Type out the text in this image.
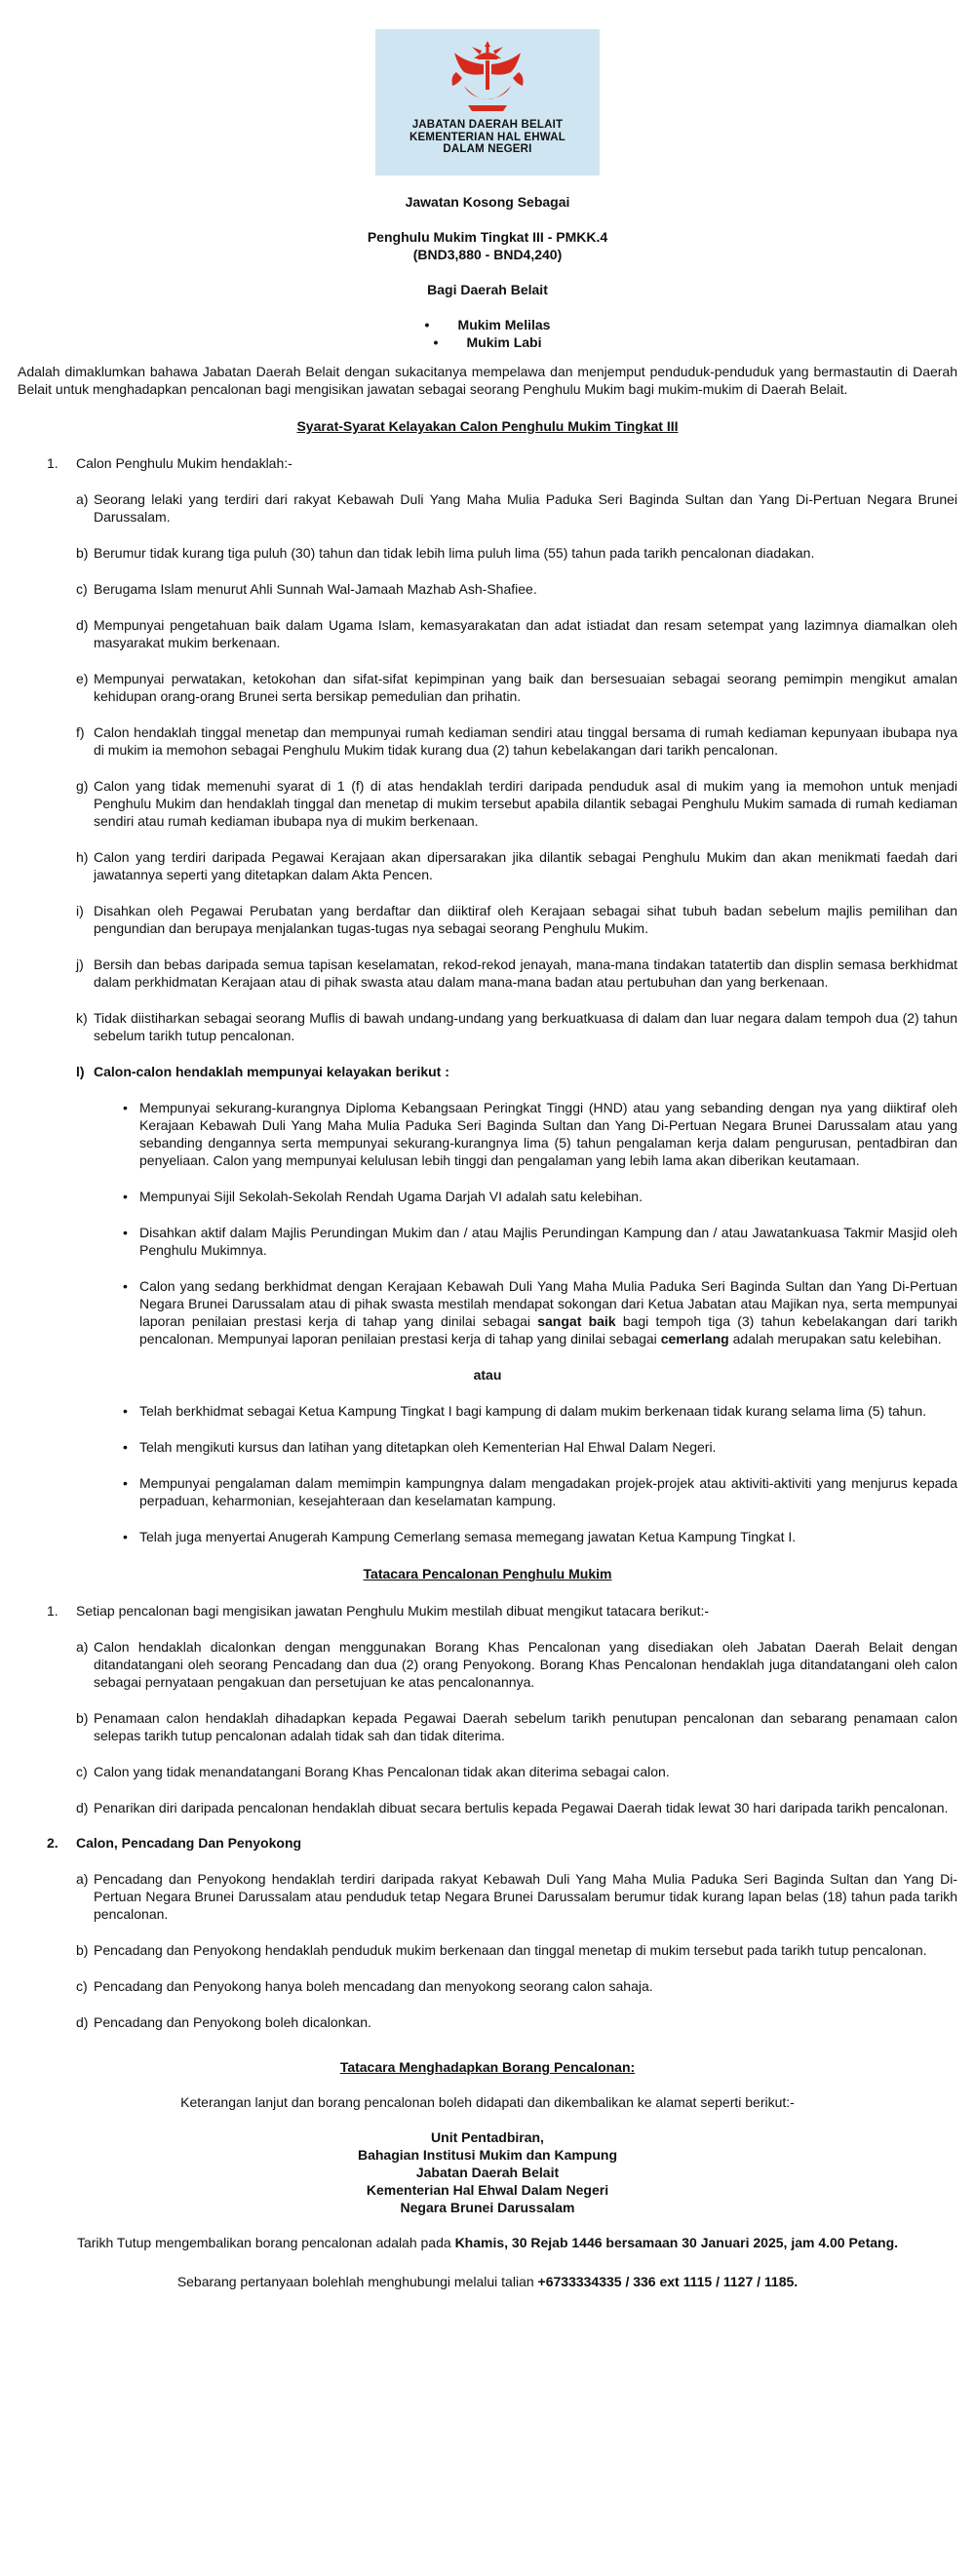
JABATAN DAERAH BELAIT
KEMENTERIAN HAL EHWAL
DALAM NEGERI
Jawatan Kosong Sebagai
Penghulu Mukim Tingkat III - PMKK.4
(BND3,880 - BND4,240)
Bagi Daerah Belait
• Mukim Melilas
• Mukim Labi

Adalah dimaklumkan bahawa Jabatan Daerah Belait dengan sukacitanya mempelawa dan menjemput penduduk-penduduk yang bermastautin di Daerah Belait untuk menghadapkan pencalonan bagi mengisikan jawatan sebagai seorang Penghulu Mukim bagi mukim-mukim di Daerah Belait.

Syarat-Syarat Kelayakan Calon Penghulu Mukim Tingkat III
1.	Calon Penghulu Mukim hendaklah:-
a) Seorang lelaki yang terdiri dari rakyat Kebawah Duli Yang Maha Mulia Paduka Seri Baginda Sultan dan Yang Di-Pertuan Negara Brunei Darussalam.
b) Berumur tidak kurang tiga puluh (30) tahun dan tidak lebih lima puluh lima (55) tahun pada tarikh pencalonan diadakan.
c) Berugama Islam menurut Ahli Sunnah Wal-Jamaah Mazhab Ash-Shafiee.
d) Mempunyai pengetahuan baik dalam Ugama Islam, kemasyarakatan dan adat istiadat dan resam setempat yang lazimnya diamalkan oleh masyarakat mukim berkenaan.
e) Mempunyai perwatakan, ketokohan dan sifat-sifat kepimpinan yang baik dan bersesuaian sebagai seorang pemimpin mengikut amalan kehidupan orang-orang Brunei serta bersikap pemedulian dan prihatin.
f) Calon hendaklah tinggal menetap dan mempunyai rumah kediaman sendiri atau tinggal bersama di rumah kediaman kepunyaan ibubapa nya di mukim ia memohon sebagai Penghulu Mukim tidak kurang dua (2) tahun kebelakangan dari tarikh pencalonan.
g) Calon yang tidak memenuhi syarat di 1 (f) di atas hendaklah terdiri daripada penduduk asal di mukim yang ia memohon untuk menjadi Penghulu Mukim dan hendaklah tinggal dan menetap di mukim tersebut apabila dilantik sebagai Penghulu Mukim samada di rumah kediaman sendiri atau rumah kediaman ibubapa nya di mukim berkenaan.
h) Calon yang terdiri daripada Pegawai Kerajaan akan dipersarakan jika dilantik sebagai Penghulu Mukim dan akan menikmati faedah dari jawatannya seperti yang ditetapkan dalam Akta Pencen.
i) Disahkan oleh Pegawai Perubatan yang berdaftar dan diiktiraf oleh Kerajaan sebagai sihat tubuh badan sebelum majlis pemilihan dan pengundian dan berupaya menjalankan tugas-tugas nya sebagai seorang Penghulu Mukim.
j) Bersih dan bebas daripada semua tapisan keselamatan, rekod-rekod jenayah, mana-mana tindakan tatatertib dan displin semasa berkhidmat dalam perkhidmatan Kerajaan atau di pihak swasta atau dalam mana-mana badan atau pertubuhan dan yang berkenaan.
k) Tidak diistiharkan sebagai seorang Muflis di bawah undang-undang yang berkuatkuasa di dalam dan luar negara dalam tempoh dua (2) tahun sebelum tarikh tutup pencalonan.
l) Calon-calon hendaklah mempunyai kelayakan berikut :
• Mempunyai sekurang-kurangnya Diploma Kebangsaan Peringkat Tinggi (HND) atau yang sebanding dengan nya yang diiktiraf oleh Kerajaan Kebawah Duli Yang Maha Mulia Paduka Seri Baginda Sultan dan Yang Di-Pertuan Negara Brunei Darussalam atau yang sebanding dengannya serta mempunyai sekurang-kurangnya lima (5) tahun pengalaman kerja dalam pengurusan, pentadbiran dan penyeliaan. Calon yang mempunyai kelulusan lebih tinggi dan pengalaman yang lebih lama akan diberikan keutamaan.
• Mempunyai Sijil Sekolah-Sekolah Rendah Ugama Darjah VI adalah satu kelebihan.
• Disahkan aktif dalam Majlis Perundingan Mukim dan / atau Majlis Perundingan Kampung dan / atau Jawatankuasa Takmir Masjid oleh Penghulu Mukimnya.
• Calon yang sedang berkhidmat dengan Kerajaan Kebawah Duli Yang Maha Mulia Paduka Seri Baginda Sultan dan Yang Di-Pertuan Negara Brunei Darussalam atau di pihak swasta mestilah mendapat sokongan dari Ketua Jabatan atau Majikan nya, serta mempunyai laporan penilaian prestasi kerja di tahap yang dinilai sebagai sangat baik bagi tempoh tiga (3) tahun kebelakangan dari tarikh pencalonan. Mempunyai laporan penilaian prestasi kerja di tahap yang dinilai sebagai cemerlang adalah merupakan satu kelebihan.
atau
• Telah berkhidmat sebagai Ketua Kampung Tingkat I bagi kampung di dalam mukim berkenaan tidak kurang selama lima (5) tahun.
• Telah mengikuti kursus dan latihan yang ditetapkan oleh Kementerian Hal Ehwal Dalam Negeri.
• Mempunyai pengalaman dalam memimpin kampungnya dalam mengadakan projek-projek atau aktiviti-aktiviti yang menjurus kepada perpaduan, keharmonian, kesejahteraan dan keselamatan kampung.
• Telah juga menyertai Anugerah Kampung Cemerlang semasa memegang jawatan Ketua Kampung Tingkat I.
Tatacara Pencalonan Penghulu Mukim
1.	Setiap pencalonan bagi mengisikan jawatan Penghulu Mukim mestilah dibuat mengikut tatacara berikut:-
a) Calon hendaklah dicalonkan dengan menggunakan Borang Khas Pencalonan yang disediakan oleh Jabatan Daerah Belait dengan ditandatangani oleh seorang Pencadang dan dua (2) orang Penyokong. Borang Khas Pencalonan hendaklah juga ditandatangani oleh calon sebagai pernyataan pengakuan dan persetujuan ke atas pencalonannya.
b) Penamaan calon hendaklah dihadapkan kepada Pegawai Daerah sebelum tarikh penutupan pencalonan dan sebarang penamaan calon selepas tarikh tutup pencalonan adalah tidak sah dan tidak diterima.
c) Calon yang tidak menandatangani Borang Khas Pencalonan tidak akan diterima sebagai calon.
d) Penarikan diri daripada pencalonan hendaklah dibuat secara bertulis kepada Pegawai Daerah tidak lewat 30 hari daripada tarikh pencalonan.
2.	Calon, Pencadang Dan Penyokong
a) Pencadang dan Penyokong hendaklah terdiri daripada rakyat Kebawah Duli Yang Maha Mulia Paduka Seri Baginda Sultan dan Yang Di-Pertuan Negara Brunei Darussalam atau penduduk tetap Negara Brunei Darussalam berumur tidak kurang lapan belas (18) tahun pada tarikh pencalonan.
b) Pencadang dan Penyokong hendaklah penduduk mukim berkenaan dan tinggal menetap di mukim tersebut pada tarikh tutup pencalonan.
c) Pencadang dan Penyokong hanya boleh mencadang dan menyokong seorang calon sahaja.
d) Pencadang dan Penyokong boleh dicalonkan.
Tatacara Menghadapkan Borang Pencalonan:
Keterangan lanjut dan borang pencalonan boleh didapati dan dikembalikan ke alamat seperti berikut:-
Unit Pentadbiran,
Bahagian Institusi Mukim dan Kampung
Jabatan Daerah Belait
Kementerian Hal Ehwal Dalam Negeri
Negara Brunei Darussalam
Tarikh Tutup mengembalikan borang pencalonan adalah pada Khamis, 30 Rejab 1446 bersamaan 30 Januari 2025, jam 4.00 Petang.
Sebarang pertanyaan bolehlah menghubungi melalui talian +6733334335 / 336 ext 1115 / 1127 / 1185.
